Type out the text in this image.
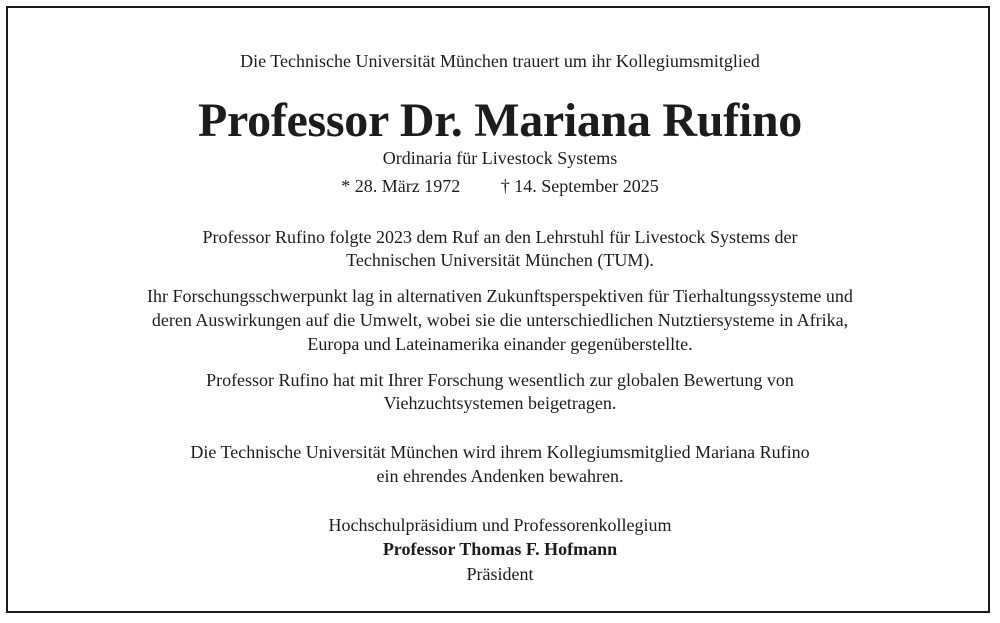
Die Technische Universität München trauert um ihr Kollegiumsmitglied
Professor Dr. Mariana Rufino
Ordinaria für Livestock Systems
* 28. März 1972 † 14. September 2025
Professor Rufino folgte 2023 dem Ruf an den Lehrstuhl für Livestock Systems der
Technischen Universität München (TUM).
Ihr Forschungsschwerpunkt lag in alternativen Zukunftsperspektiven für Tierhaltungssysteme und
deren Auswirkungen auf die Umwelt, wobei sie die unterschiedlichen Nutztiersysteme in Afrika,
Europa und Lateinamerika einander gegenüberstellte.
Professor Rufino hat mit Ihrer Forschung wesentlich zur globalen Bewertung von
Viehzuchtsystemen beigetragen.
Die Technische Universität München wird ihrem Kollegiumsmitglied Mariana Rufino
ein ehrendes Andenken bewahren.
Hochschulpräsidium und Professorenkollegium
Professor Thomas F. Hofmann
Präsident
